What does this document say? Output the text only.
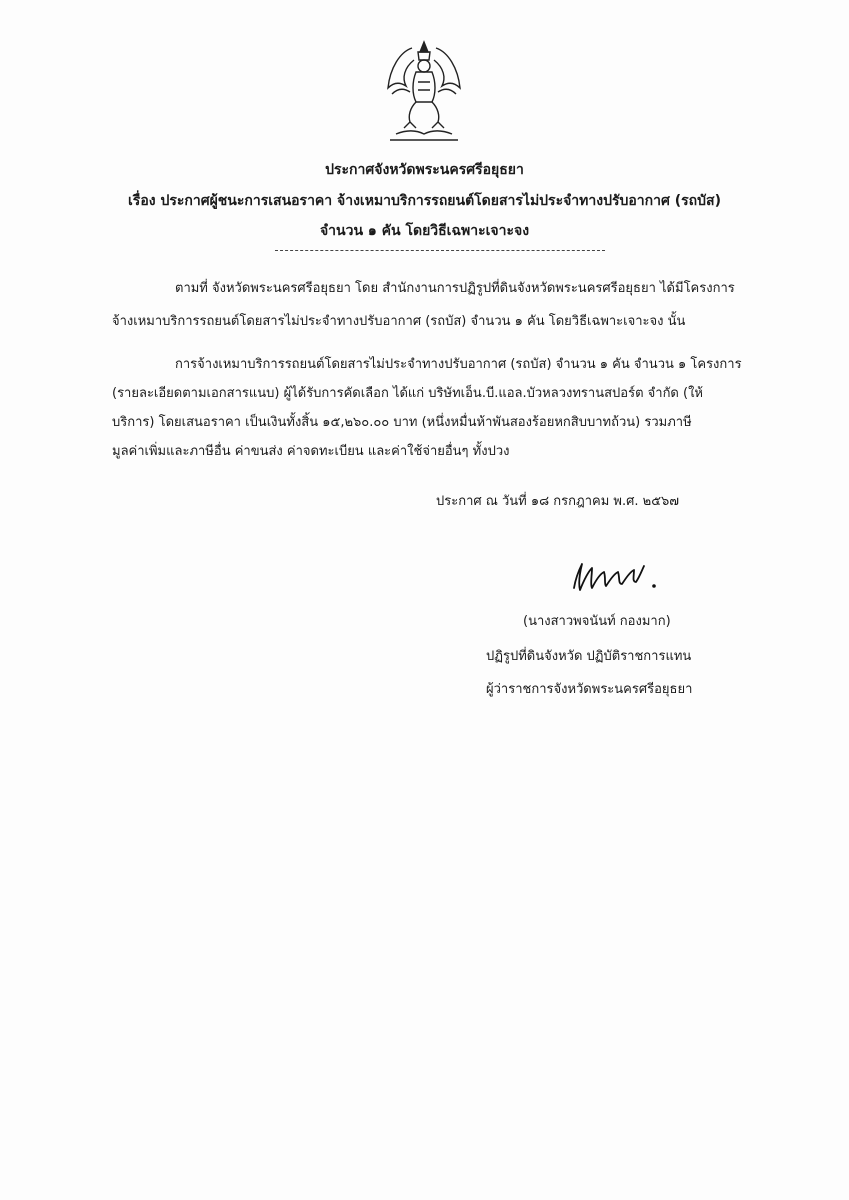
ประกาศจังหวัดพระนครศรีอยุธยา
เรื่อง ประกาศผู้ชนะการเสนอราคา จ้างเหมาบริการรถยนต์โดยสารไม่ประจำทางปรับอากาศ (รถบัส)
จำนวน ๑ คัน โดยวิธีเฉพาะเจาะจง
ตามที่ จังหวัดพระนครศรีอยุธยา โดย สำนักงานการปฏิรูปที่ดินจังหวัดพระนครศรีอยุธยา ได้มีโครงการ
จ้างเหมาบริการรถยนต์โดยสารไม่ประจำทางปรับอากาศ (รถบัส) จำนวน ๑ คัน โดยวิธีเฉพาะเจาะจง นั้น
การจ้างเหมาบริการรถยนต์โดยสารไม่ประจำทางปรับอากาศ (รถบัส) จำนวน ๑ คัน จำนวน ๑ โครงการ
(รายละเอียดตามเอกสารแนบ) ผู้ได้รับการคัดเลือก ได้แก่ บริษัทเอ็น.บี.แอล.บัวหลวงทรานสปอร์ต จำกัด (ให้
บริการ) โดยเสนอราคา เป็นเงินทั้งสิ้น ๑๕,๒๖๐.๐๐ บาท (หนึ่งหมื่นห้าพันสองร้อยหกสิบบาทถ้วน) รวมภาษี
มูลค่าเพิ่มและภาษีอื่น ค่าขนส่ง ค่าจดทะเบียน และค่าใช้จ่ายอื่นๆ ทั้งปวง
ประกาศ ณ วันที่ ๑๘ กรกฎาคม พ.ศ. ๒๕๖๗
(นางสาวพจนันท์ กองมาก)
ปฏิรูปที่ดินจังหวัด ปฏิบัติราชการแทน
ผู้ว่าราชการจังหวัดพระนครศรีอยุธยา
